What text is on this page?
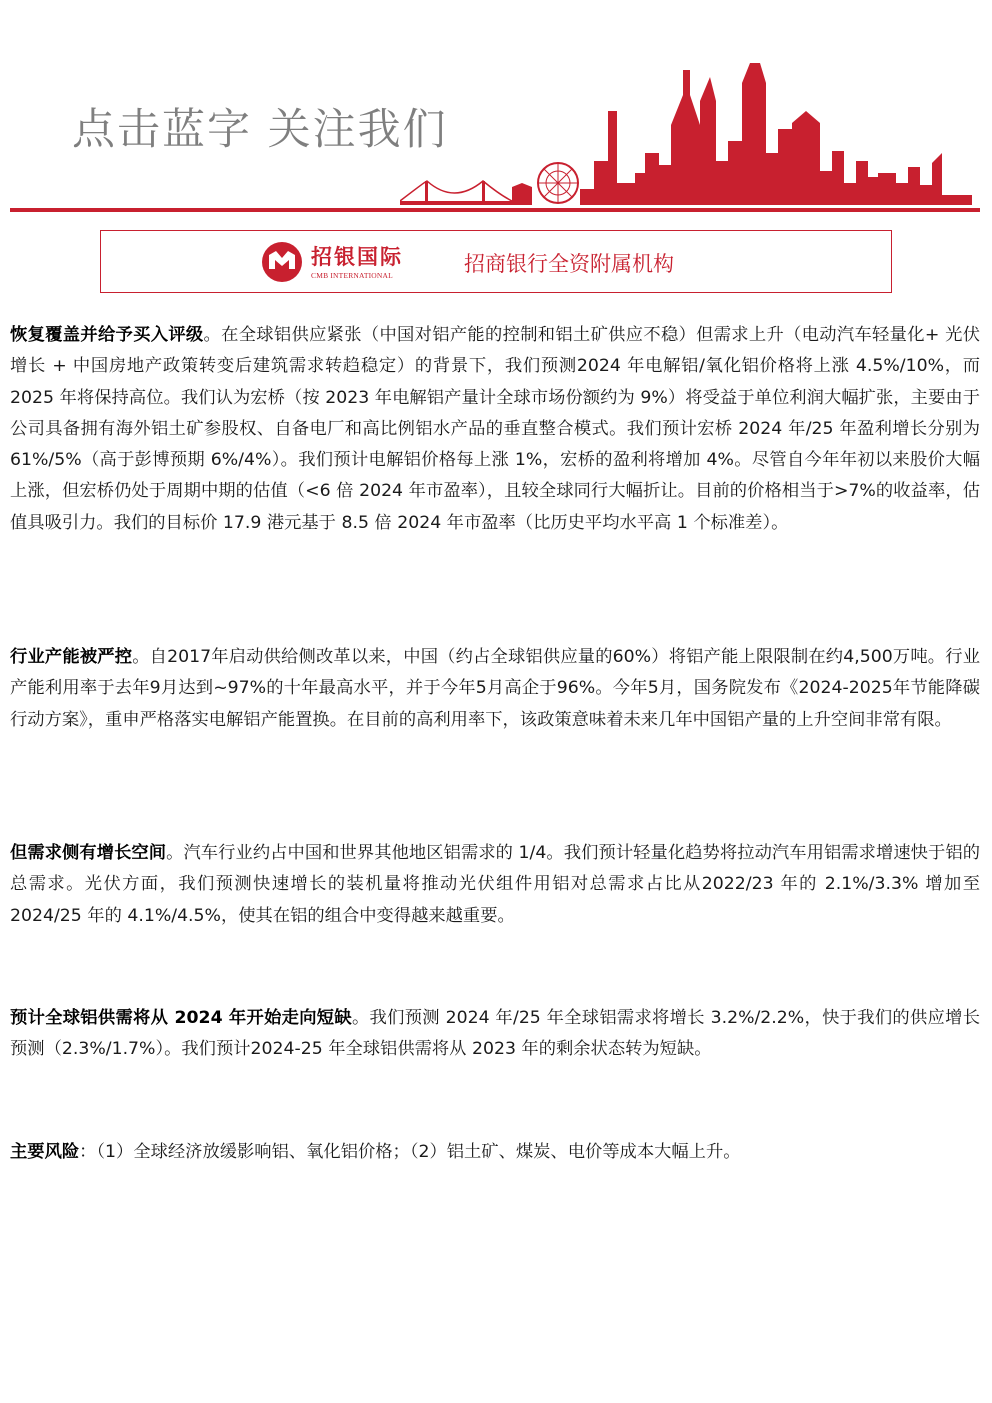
点击蓝字 关注我们
招银国际
CMB INTERNATIONAL	招商银行全资附属机构

恢复覆盖并给予买入评级。在全球铝供应紧张（中国对铝产能的控制和铝土矿供应不稳）但需求上升（电动汽车轻量化+ 光伏增长 + 中国房地产政策转变后建筑需求转趋稳定）的背景下，我们预测2024 年电解铝/氧化铝价格将上涨 4.5%/10%，而2025 年将保持高位。我们认为宏桥（按 2023 年电解铝产量计全球市场份额约为 9%）将受益于单位利润大幅扩张，主要由于公司具备拥有海外铝土矿参股权、自备电厂和高比例铝水产品的垂直整合模式。我们预计宏桥 2024 年/25 年盈利增长分别为 61%/5%（高于彭博预期 6%/4%）。我们预计电解铝价格每上涨 1%，宏桥的盈利将增加 4%。尽管自今年年初以来股价大幅上涨，但宏桥仍处于周期中期的估值（<6 倍 2024 年市盈率），且较全球同行大幅折让。目前的价格相当于>7%的收益率，估值具吸引力。我们的目标价 17.9 港元基于 8.5 倍 2024 年市盈率（比历史平均水平高 1 个标准差）。

行业产能被严控。自2017年启动供给侧改革以来，中国（约占全球铝供应量的60%）将铝产能上限限制在约4,500万吨。行业产能利用率于去年9月达到~97%的十年最高水平，并于今年5月高企于96%。今年5月，国务院发布《2024-2025年节能降碳行动方案》，重申严格落实电解铝产能置换。在目前的高利用率下，该政策意味着未来几年中国铝产量的上升空间非常有限。

但需求侧有增长空间。汽车行业约占中国和世界其他地区铝需求的 1/4。我们预计轻量化趋势将拉动汽车用铝需求增速快于铝的总需求。光伏方面，我们预测快速增长的装机量将推动光伏组件用铝对总需求占比从2022/23 年的 2.1%/3.3% 增加至 2024/25 年的 4.1%/4.5%，使其在铝的组合中变得越来越重要。

预计全球铝供需将从 2024 年开始走向短缺。我们预测 2024 年/25 年全球铝需求将增长 3.2%/2.2%，快于我们的供应增长预测（2.3%/1.7%）。我们预计2024-25 年全球铝供需将从 2023 年的剩余状态转为短缺。

主要风险：（1）全球经济放缓影响铝、氧化铝价格；（2）铝土矿、煤炭、电价等成本大幅上升。
